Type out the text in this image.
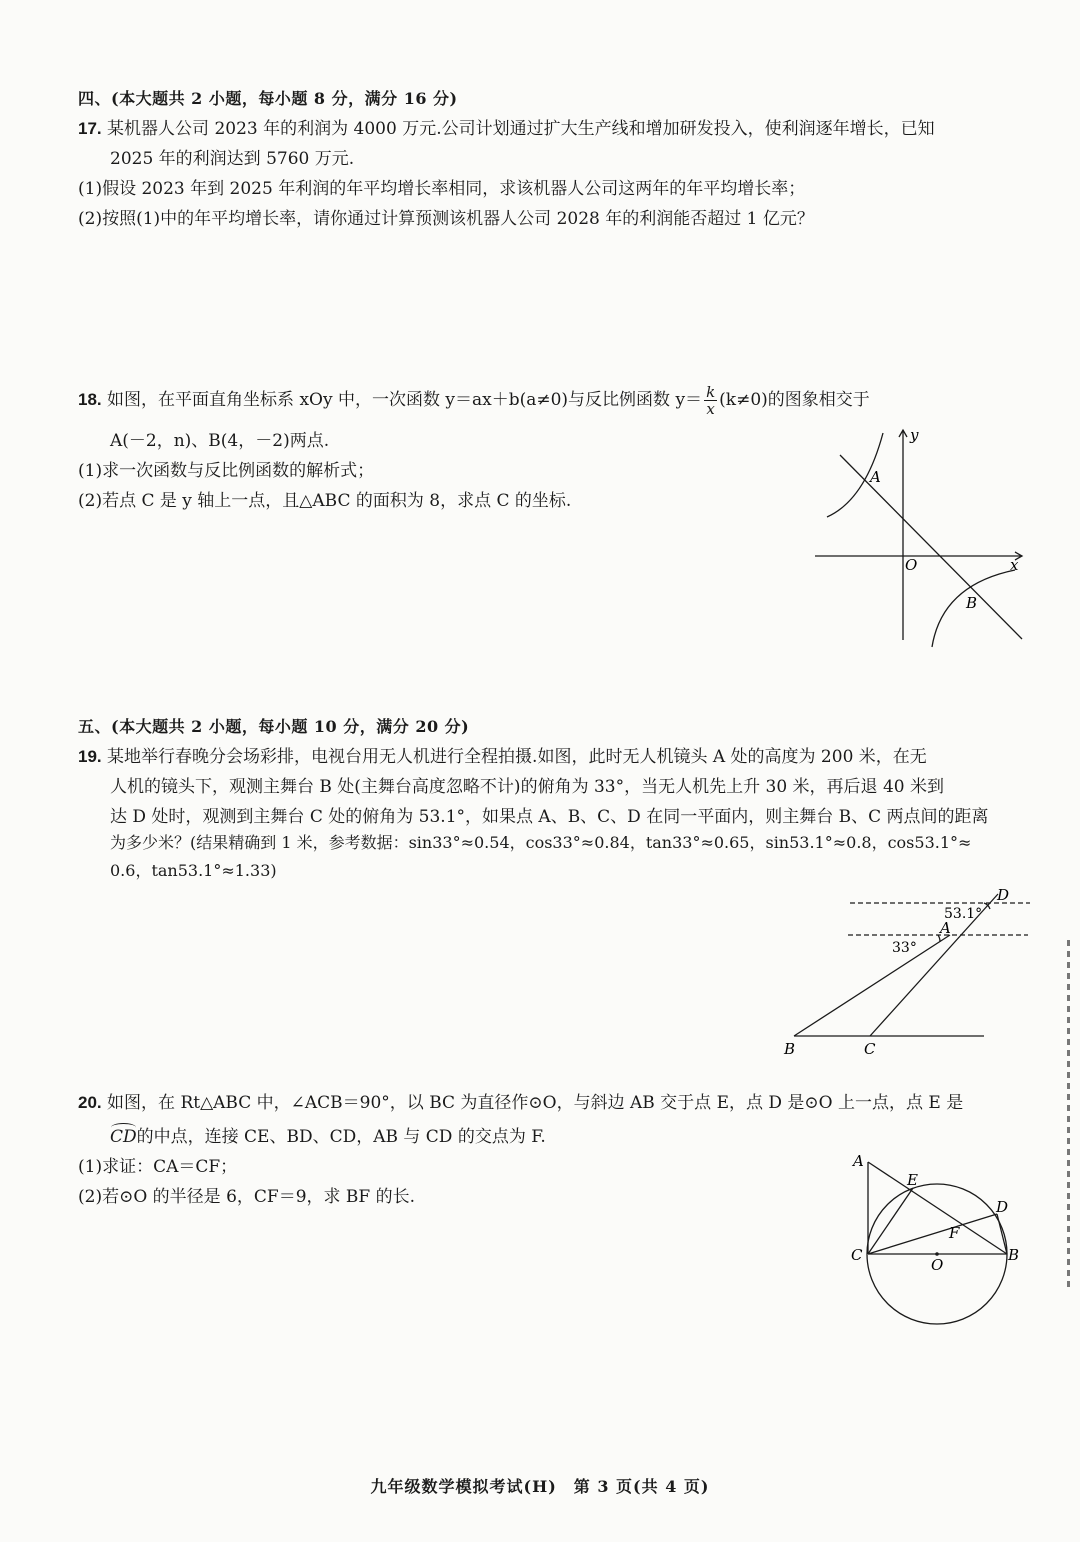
四、(本大题共 2 小题，每小题 8 分，满分 16 分)
17. 某机器人公司 2023 年的利润为 4000 万元.公司计划通过扩大生产线和增加研发投入，使利润逐年增长，已知
2025 年的利润达到 5760 万元.
(1)假设 2023 年到 2025 年利润的年平均增长率相同，求该机器人公司这两年的年平均增长率；
(2)按照(1)中的年平均增长率，请你通过计算预测该机器人公司 2028 年的利润能否超过 1 亿元？
18. 如图，在平面直角坐标系 xOy 中，一次函数 y＝ax＋b(a≠0)与反比例函数 $y= \frac{k}{x} (k\ne 0)$的图象相交于
A(－2，n)、B(4，－2)两点.
(1)求一次函数与反比例函数的解析式；
(2)若点 C 是 y 轴上一点，且△ABC 的面积为 8，求点 C 的坐标.
A
B
O	x
y
五、(本大题共 2 小题，每小题 10 分，满分 20 分)
19. 某地举行春晚分会场彩排，电视台用无人机进行全程拍摄.如图，此时无人机镜头 A 处的高度为 200 米，在无
人机的镜头下，观测主舞台 B 处(主舞台高度忽略不计)的俯角为 33°，当无人机先上升 30 米，再后退 40 米到
达 D 处时，观测到主舞台 C 处的俯角为 53.1°，如果点 A、B、C、D 在同一平面内，则主舞台 B、C 两点间的距离
为多少米？(结果精确到 1 米，参考数据：sin33°≈0.54，cos33°≈0.84，tan33°≈0.65，sin53.1°≈0.8，cos53.1°≈
0.6，tan53.1°≈1.33)
D
A
B	C
53.1°
33°
20. 如图，在 Rt△ABC 中，∠ACB＝90°，以 BC 为直径作⊙O，与斜边 AB 交于点 E，点 D 是⊙O 上一点，点 E 是
CD的中点，连接 CE、BD、CD，AB 与 CD 的交点为 F.
(1)求证：CA＝CF；
(2)若⊙O 的半径是 6，CF＝9，求 BF 的长.
A
E
D
F
C
O
B
九年级数学模拟考试(H)　第 3 页(共 4 页)
